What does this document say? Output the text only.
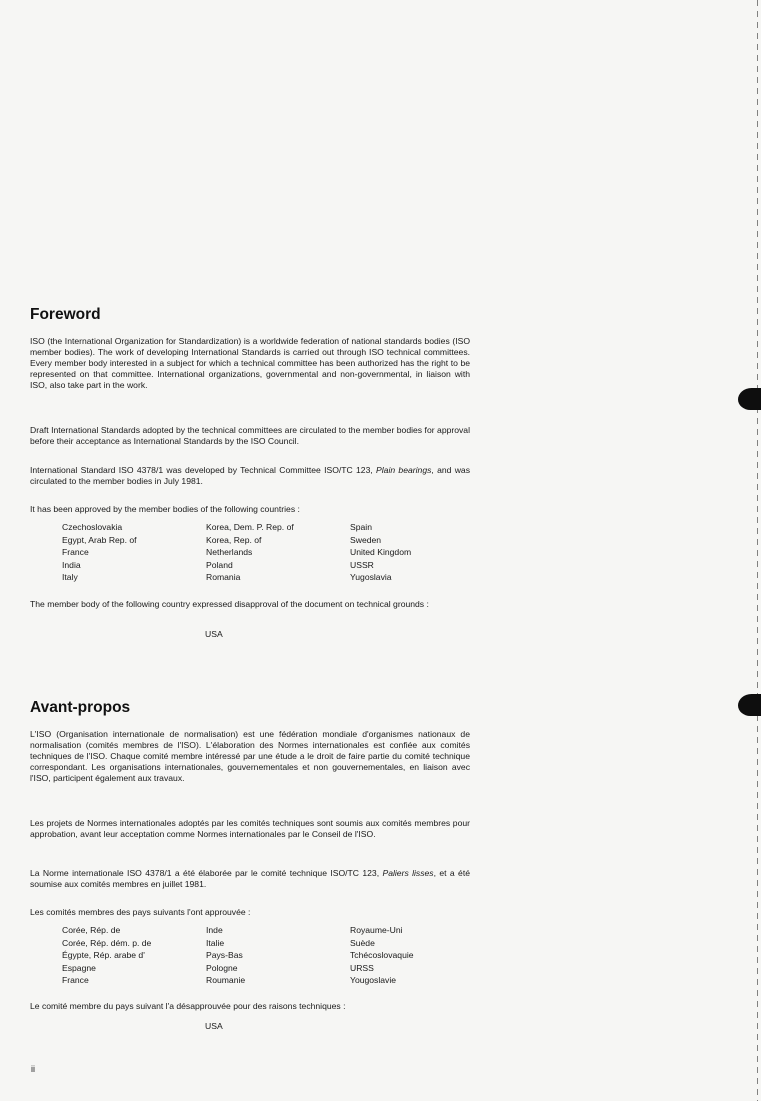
Foreword

ISO (the International Organization for Standardization) is a worldwide federation of national standards bodies (ISO member bodies). The work of developing International Standards is carried out through ISO technical committees. Every member body interested in a subject for which a technical committee has been authorized has the right to be represented on that committee. International organizations, governmental and non-governmental, in liaison with ISO, also take part in the work.

Draft International Standards adopted by the technical committees are circulated to the member bodies for approval before their acceptance as International Standards by the ISO Council.

International Standard ISO 4378/1 was developed by Technical Committee ISO/TC 123, Plain bearings, and was circulated to the member bodies in July 1981.

It has been approved by the member bodies of the following countries :

Czechoslovakia	Korea, Dem. P. Rep. of	Spain
Egypt, Arab Rep. of	Korea, Rep. of	Sweden
France	Netherlands	United Kingdom
India	Poland	USSR
Italy	Romania	Yugoslavia

The member body of the following country expressed disapproval of the document on technical grounds :

USA
Avant-propos

L'ISO (Organisation internationale de normalisation) est une fédération mondiale d'organismes nationaux de normalisation (comités membres de l'ISO). L'élaboration des Normes internationales est confiée aux comités techniques de l'ISO. Chaque comité membre intéressé par une étude a le droit de faire partie du comité technique correspondant. Les organisations internationales, gouvernementales et non gouvernementales, en liaison avec l'ISO, participent également aux travaux.

Les projets de Normes internationales adoptés par les comités techniques sont soumis aux comités membres pour approbation, avant leur acceptation comme Normes internationales par le Conseil de l'ISO.

La Norme internationale ISO 4378/1 a été élaborée par le comité technique ISO/TC 123, Paliers lisses, et a été soumise aux comités membres en juillet 1981.

Les comités membres des pays suivants l'ont approuvée :

Corée, Rép. de	Inde	Royaume-Uni
Corée, Rép. dém. p. de	Italie	Suède
Égypte, Rép. arabe d'	Pays-Bas	Tchécoslovaquie
Espagne	Pologne	URSS
France	Roumanie	Yougoslavie

Le comité membre du pays suivant l'a désapprouvée pour des raisons techniques :

USA
ii
